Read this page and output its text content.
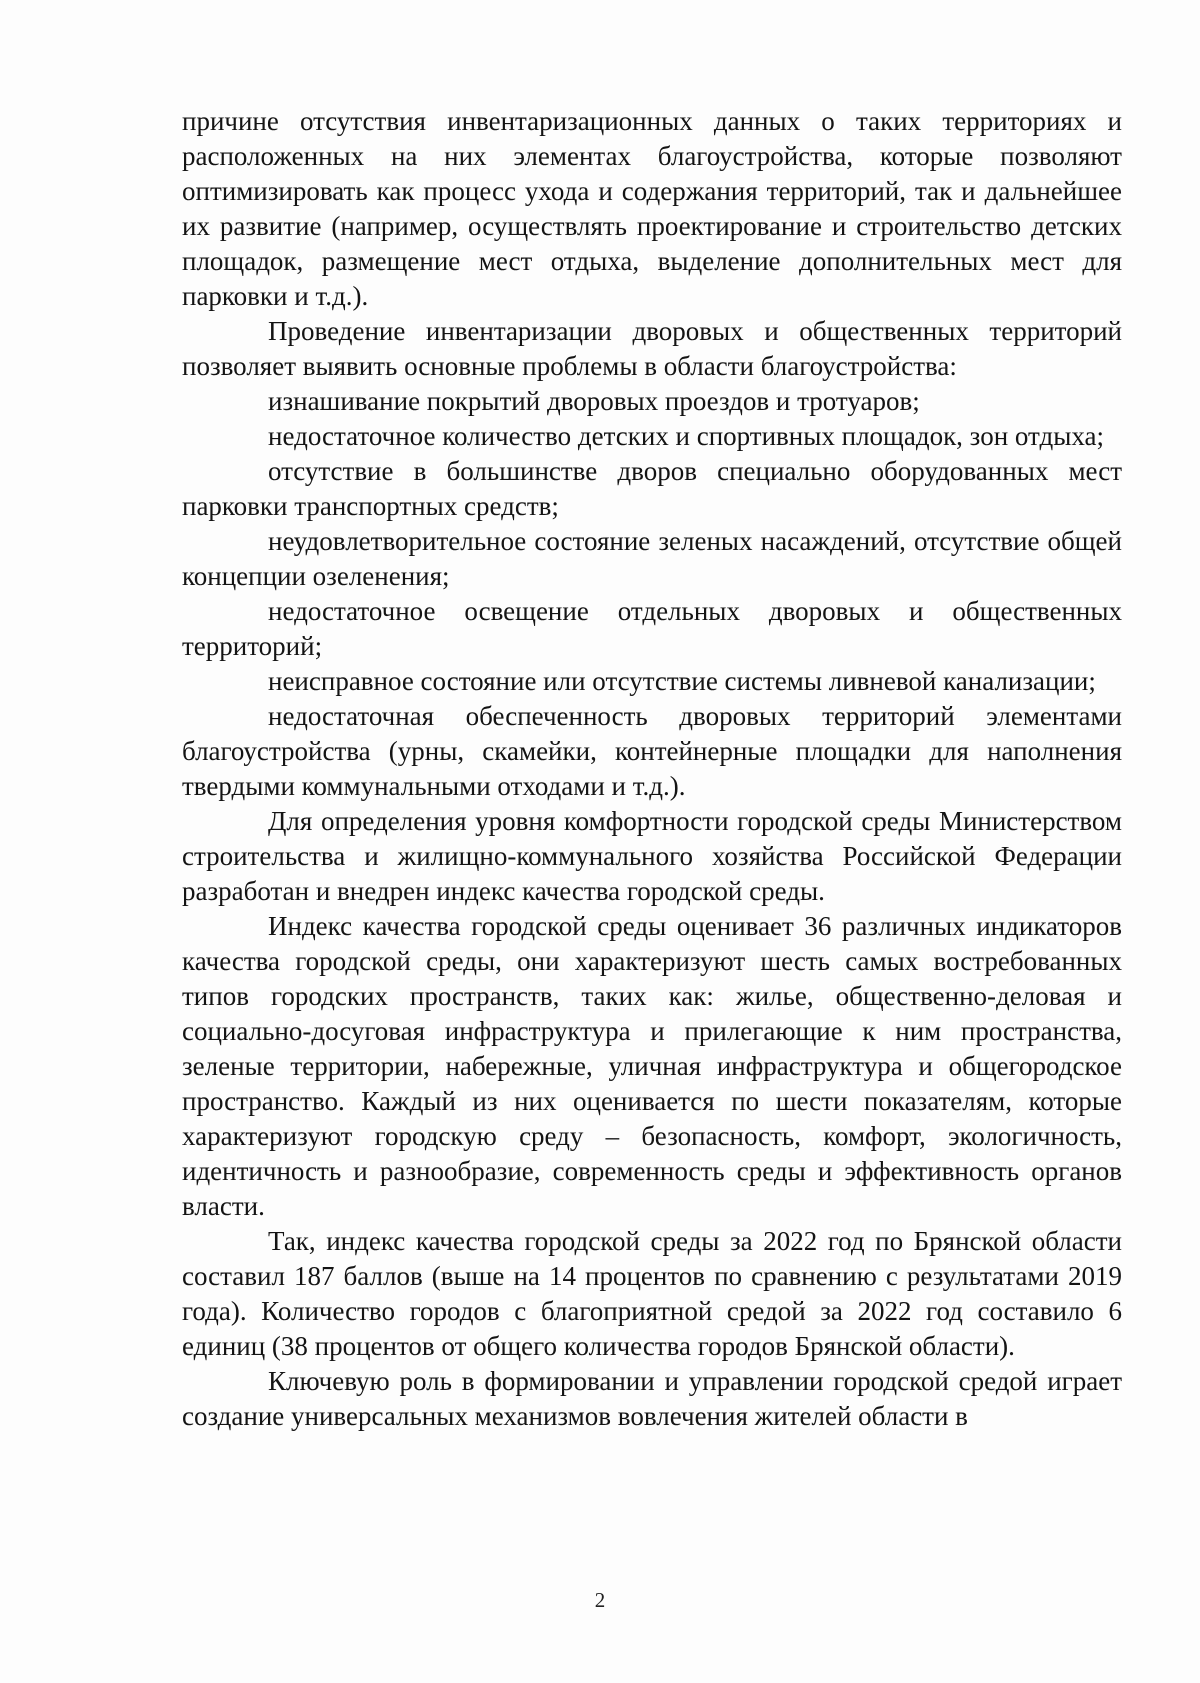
причине отсутствия инвентаризационных данных о таких территориях и расположенных на них элементах благоустройства, которые позволяют оптимизировать как процесс ухода и содержания территорий, так и дальнейшее их развитие (например, осуществлять проектирование и строительство детских площадок, размещение мест отдыха, выделение дополнительных мест для парковки и т.д.).

Проведение инвентаризации дворовых и общественных территорий позволяет выявить основные проблемы в области благоустройства:

изнашивание покрытий дворовых проездов и тротуаров;

недостаточное количество детских и спортивных площадок, зон отдыха;

отсутствие в большинстве дворов специально оборудованных мест парковки транспортных средств;

неудовлетворительное состояние зеленых насаждений, отсутствие общей концепции озеленения;

недостаточное освещение отдельных дворовых и общественных территорий;

неисправное состояние или отсутствие системы ливневой канализации;

недостаточная обеспеченность дворовых территорий элементами благоустройства (урны, скамейки, контейнерные площадки для наполнения твердыми коммунальными отходами и т.д.).

Для определения уровня комфортности городской среды Министерством строительства и жилищно-коммунального хозяйства Российской Федерации разработан и внедрен индекс качества городской среды.

Индекс качества городской среды оценивает 36 различных индикаторов качества городской среды, они характеризуют шесть самых востребованных типов городских пространств, таких как: жилье, общественно-деловая и социально-досуговая инфраструктура и прилегающие к ним пространства, зеленые территории, набережные, уличная инфраструктура и общегородское пространство. Каждый из них оценивается по шести показателям, которые характеризуют городскую среду – безопасность, комфорт, экологичность, идентичность и разнообразие, современность среды и эффективность органов власти.

Так, индекс качества городской среды за 2022 год по Брянской области составил 187 баллов (выше на 14 процентов по сравнению с результатами 2019 года). Количество городов с благоприятной средой за 2022 год составило 6 единиц (38 процентов от общего количества городов Брянской области).

Ключевую роль в формировании и управлении городской средой играет создание универсальных механизмов вовлечения жителей области в

2
